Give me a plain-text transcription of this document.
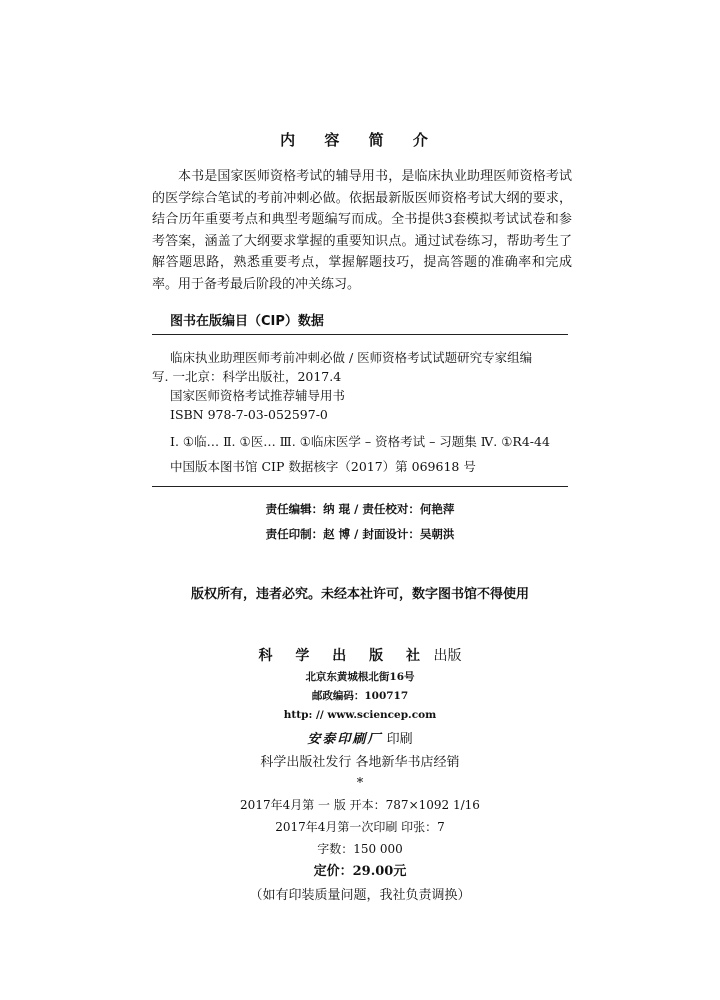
内 容 简 介

本书是国家医师资格考试的辅导用书，是临床执业助理医师资格考试的医学综合笔试的考前冲刺必做。依据最新版医师资格考试大纲的要求，结合历年重要考点和典型考题编写而成。全书提供3套模拟考试试卷和参考答案，涵盖了大纲要求掌握的重要知识点。通过试卷练习，帮助考生了解答题思路，熟悉重要考点，掌握解题技巧，提高答题的准确率和完成率。用于备考最后阶段的冲关练习。

图书在版编目（CIP）数据
临床执业助理医师考前冲刺必做 / 医师资格考试试题研究专家组编
写. 一北京：科学出版社，2017.4
国家医师资格考试推荐辅导用书
ISBN 978-7-03-052597-0
Ⅰ. ①临… Ⅱ. ①医… Ⅲ. ①临床医学 – 资格考试 – 习题集 Ⅳ. ①R4-44
中国版本图书馆 CIP 数据核字（2017）第 069618 号
责任编辑：纳 琨 / 责任校对：何艳萍
责任印制：赵 博 / 封面设计：吴朝洪
版权所有，违者必究。未经本社许可，数字图书馆不得使用
科 学 出 版 社 出版
北京东黄城根北街16号
邮政编码：100717
http: // www.sciencep.com
安泰印刷厂 印刷
科学出版社发行 各地新华书店经销
*
2017年4月第 一 版 开本：787×1092 1/16
2017年4月第一次印刷 印张：7
字数：150 000
定价：29.00元
（如有印装质量问题，我社负责调换）
